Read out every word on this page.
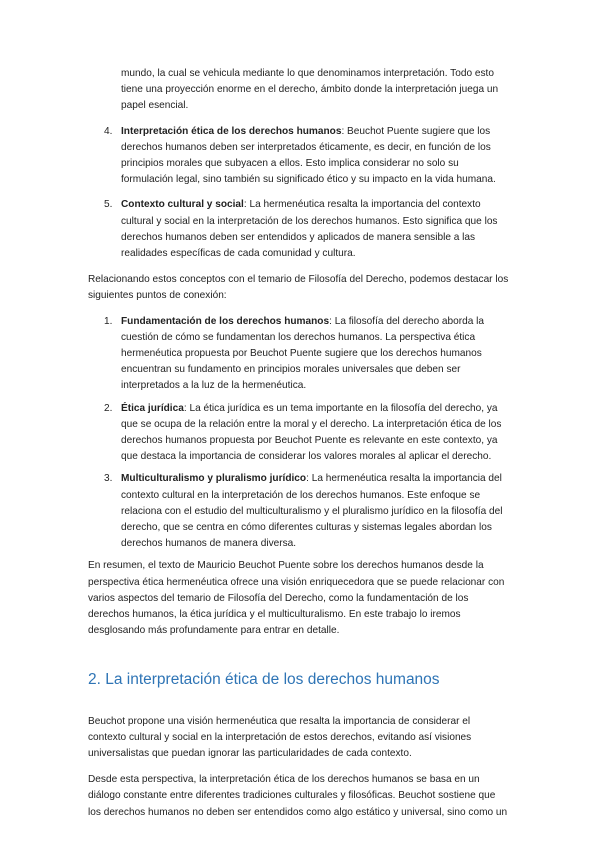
mundo, la cual se vehicula mediante lo que denominamos interpretación. Todo esto tiene una proyección enorme en el derecho, ámbito donde la interpretación juega un papel esencial.

4. Interpretación ética de los derechos humanos: Beuchot Puente sugiere que los derechos humanos deben ser interpretados éticamente, es decir, en función de los principios morales que subyacen a ellos. Esto implica considerar no solo su formulación legal, sino también su significado ético y su impacto en la vida humana.
5. Contexto cultural y social: La hermenéutica resalta la importancia del contexto cultural y social en la interpretación de los derechos humanos. Esto significa que los derechos humanos deben ser entendidos y aplicados de manera sensible a las realidades específicas de cada comunidad y cultura.

Relacionando estos conceptos con el temario de Filosofía del Derecho, podemos destacar los siguientes puntos de conexión:

1. Fundamentación de los derechos humanos: La filosofía del derecho aborda la cuestión de cómo se fundamentan los derechos humanos. La perspectiva ética hermenéutica propuesta por Beuchot Puente sugiere que los derechos humanos encuentran su fundamento en principios morales universales que deben ser interpretados a la luz de la hermenéutica.
2. Ética jurídica: La ética jurídica es un tema importante en la filosofía del derecho, ya que se ocupa de la relación entre la moral y el derecho. La interpretación ética de los derechos humanos propuesta por Beuchot Puente es relevante en este contexto, ya que destaca la importancia de considerar los valores morales al aplicar el derecho.
3. Multiculturalismo y pluralismo jurídico: La hermenéutica resalta la importancia del contexto cultural en la interpretación de los derechos humanos. Este enfoque se relaciona con el estudio del multiculturalismo y el pluralismo jurídico en la filosofía del derecho, que se centra en cómo diferentes culturas y sistemas legales abordan los derechos humanos de manera diversa.

En resumen, el texto de Mauricio Beuchot Puente sobre los derechos humanos desde la perspectiva ética hermenéutica ofrece una visión enriquecedora que se puede relacionar con varios aspectos del temario de Filosofía del Derecho, como la fundamentación de los derechos humanos, la ética jurídica y el multiculturalismo. En este trabajo lo iremos desglosando más profundamente para entrar en detalle.

2. La interpretación ética de los derechos humanos

Beuchot propone una visión hermenéutica que resalta la importancia de considerar el contexto cultural y social en la interpretación de estos derechos, evitando así visiones universalistas que puedan ignorar las particularidades de cada contexto.

Desde esta perspectiva, la interpretación ética de los derechos humanos se basa en un diálogo constante entre diferentes tradiciones culturales y filosóficas. Beuchot sostiene que los derechos humanos no deben ser entendidos como algo estático y universal, sino como un
